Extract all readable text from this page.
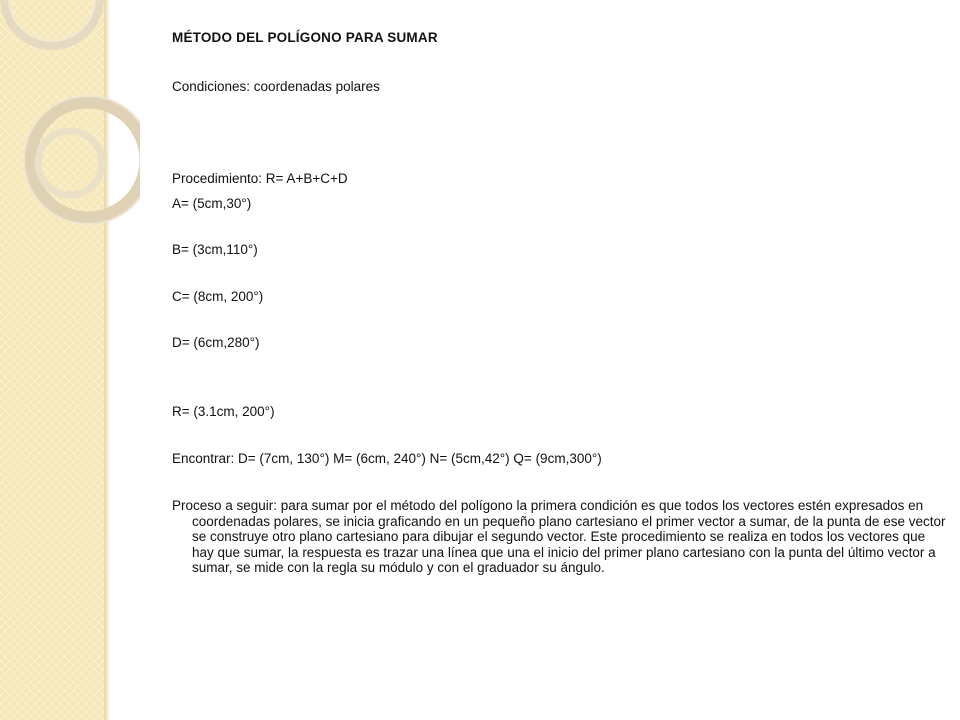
MÉTODO DEL POLÍGONO PARA SUMAR
Condiciones: coordenadas polares
Procedimiento: R= A+B+C+D
A= (5cm,30°)
B= (3cm,110°)
C= (8cm, 200°)
D= (6cm,280°)
R= (3.1cm, 200°)
Encontrar: D= (7cm, 130°) M= (6cm, 240°) N= (5cm,42°) Q= (9cm,300°)
Proceso a seguir: para sumar por el método del polígono la primera condición es que todos los vectores estén expresados en coordenadas polares, se inicia graficando en un pequeño plano cartesiano el primer vector a sumar, de la punta de ese vector se construye otro plano cartesiano para dibujar el segundo vector. Este procedimiento se realiza en todos los vectores que hay que sumar, la respuesta es trazar una línea que una el inicio del primer plano cartesiano con la punta del último vector a sumar, se mide con la regla su módulo y con el graduador su ángulo.
